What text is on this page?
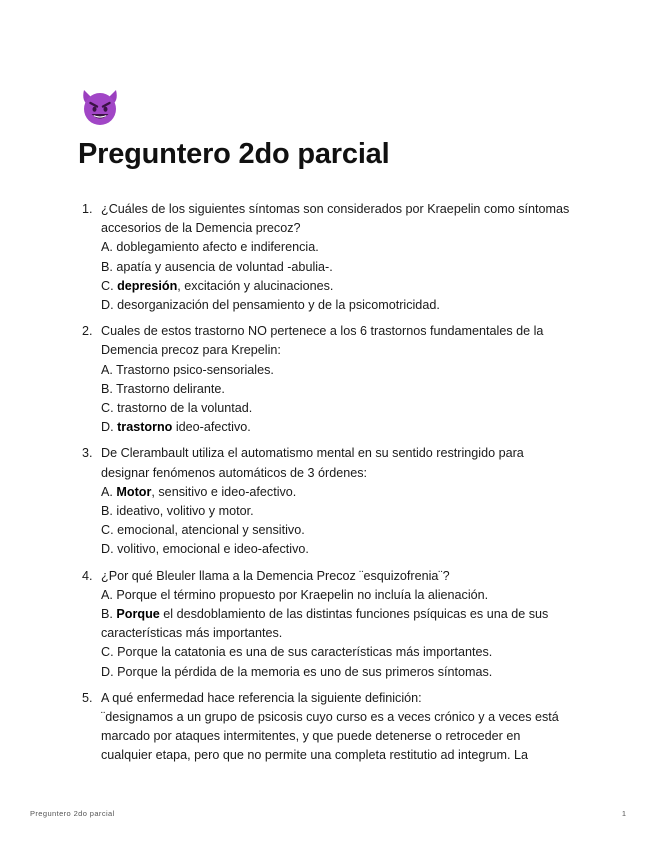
Preguntero 2do parcial
1. ¿Cuáles de los siguientes síntomas son considerados por Kraepelin como síntomas
accesorios de la Demencia precoz?
A. doblegamiento afecto e indiferencia.
B. apatía y ausencia de voluntad -abulia-.
C. depresión, excitación y alucinaciones.
D. desorganización del pensamiento y de la psicomotricidad.
2. Cuales de estos trastorno NO pertenece a los 6 trastornos fundamentales de la
Demencia precoz para Krepelin:
A. Trastorno psico-sensoriales.
B. Trastorno delirante.
C. trastorno de la voluntad.
D. trastorno ideo-afectivo.
3. De Clerambault utiliza el automatismo mental en su sentido restringido para
designar fenómenos automáticos de 3 órdenes:
A. Motor, sensitivo e ideo-afectivo.
B. ideativo, volitivo y motor.
C. emocional, atencional y sensitivo.
D. volitivo, emocional e ideo-afectivo.
4. ¿Por qué Bleuler llama a la Demencia Precoz ¨esquizofrenia¨?
A. Porque el término propuesto por Kraepelin no incluía la alienación.
B. Porque el desdoblamiento de las distintas funciones psíquicas es una de sus
características más importantes.
C. Porque la catatonia es una de sus características más importantes.
D. Porque la pérdida de la memoria es uno de sus primeros síntomas.
5. A qué enfermedad hace referencia la siguiente definición:
¨designamos a un grupo de psicosis cuyo curso es a veces crónico y a veces está
marcado por ataques intermitentes, y que puede detenerse o retroceder en
cualquier etapa, pero que no permite una completa restitutio ad integrum. La
Preguntero 2do parcial	1
